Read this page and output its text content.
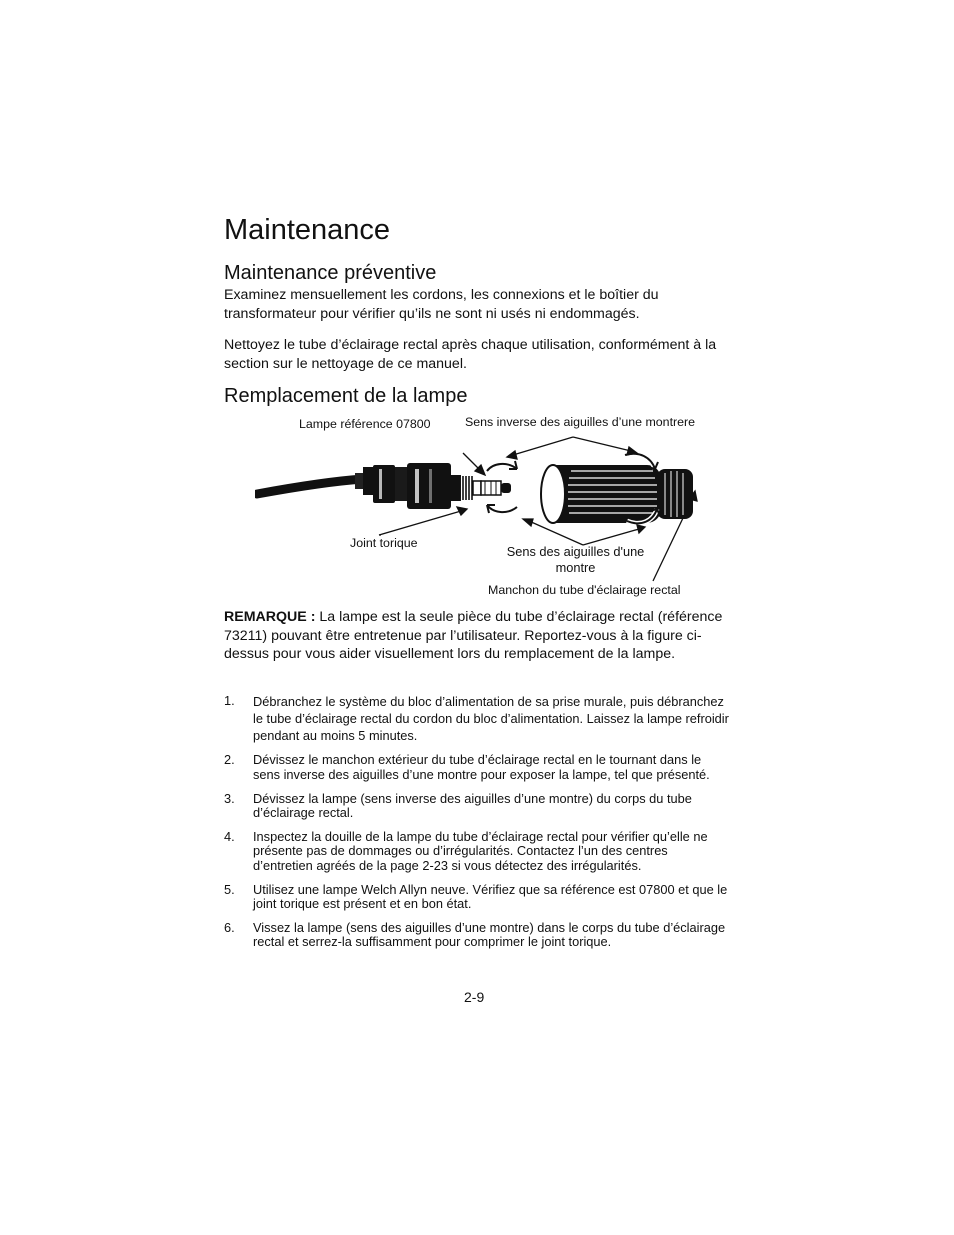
Maintenance
Maintenance préventive

Examinez mensuellement les cordons, les connexions et le boîtier du transformateur pour vérifier qu’ils ne sont ni usés ni endommagés.

Nettoyez le tube d’éclairage rectal après chaque utilisation, conformément à la section sur le nettoyage de ce manuel.

Remplacement de la lampe
Lampe référence 07800	Sens inverse des aiguilles d’une montrere
Joint torique
Sens des aiguilles d'une montre
Manchon du tube d'éclairage rectal
REMARQUE : La lampe est la seule pièce du tube d’éclairage rectal (référence 73211) pouvant être entretenue par l’utilisateur. Reportez-vous à la figure ci-dessus pour vous aider visuellement lors du remplacement de la lampe.
1. Débranchez le système du bloc d’alimentation de sa prise murale, puis débranchez le tube d’éclairage rectal du cordon du bloc d’alimentation. Laissez la lampe refroidir pendant au moins 5 minutes.
2. Dévissez le manchon extérieur du tube d’éclairage rectal en le tournant dans le sens inverse des aiguilles d’une montre pour exposer la lampe, tel que présenté.
3. Dévissez la lampe (sens inverse des aiguilles d’une montre) du corps du tube d’éclairage rectal.
4. Inspectez la douille de la lampe du tube d’éclairage rectal pour vérifier qu’elle ne présente pas de dommages ou d’irrégularités. Contactez l’un des centres d’entretien agréés de la page 2-23 si vous détectez des irrégularités.
5. Utilisez une lampe Welch Allyn neuve. Vérifiez que sa référence est 07800 et que le joint torique est présent et en bon état.
6. Vissez la lampe (sens des aiguilles d’une montre) dans le corps du tube d’éclairage rectal et serrez-la suffisamment pour comprimer le joint torique.
2-9
